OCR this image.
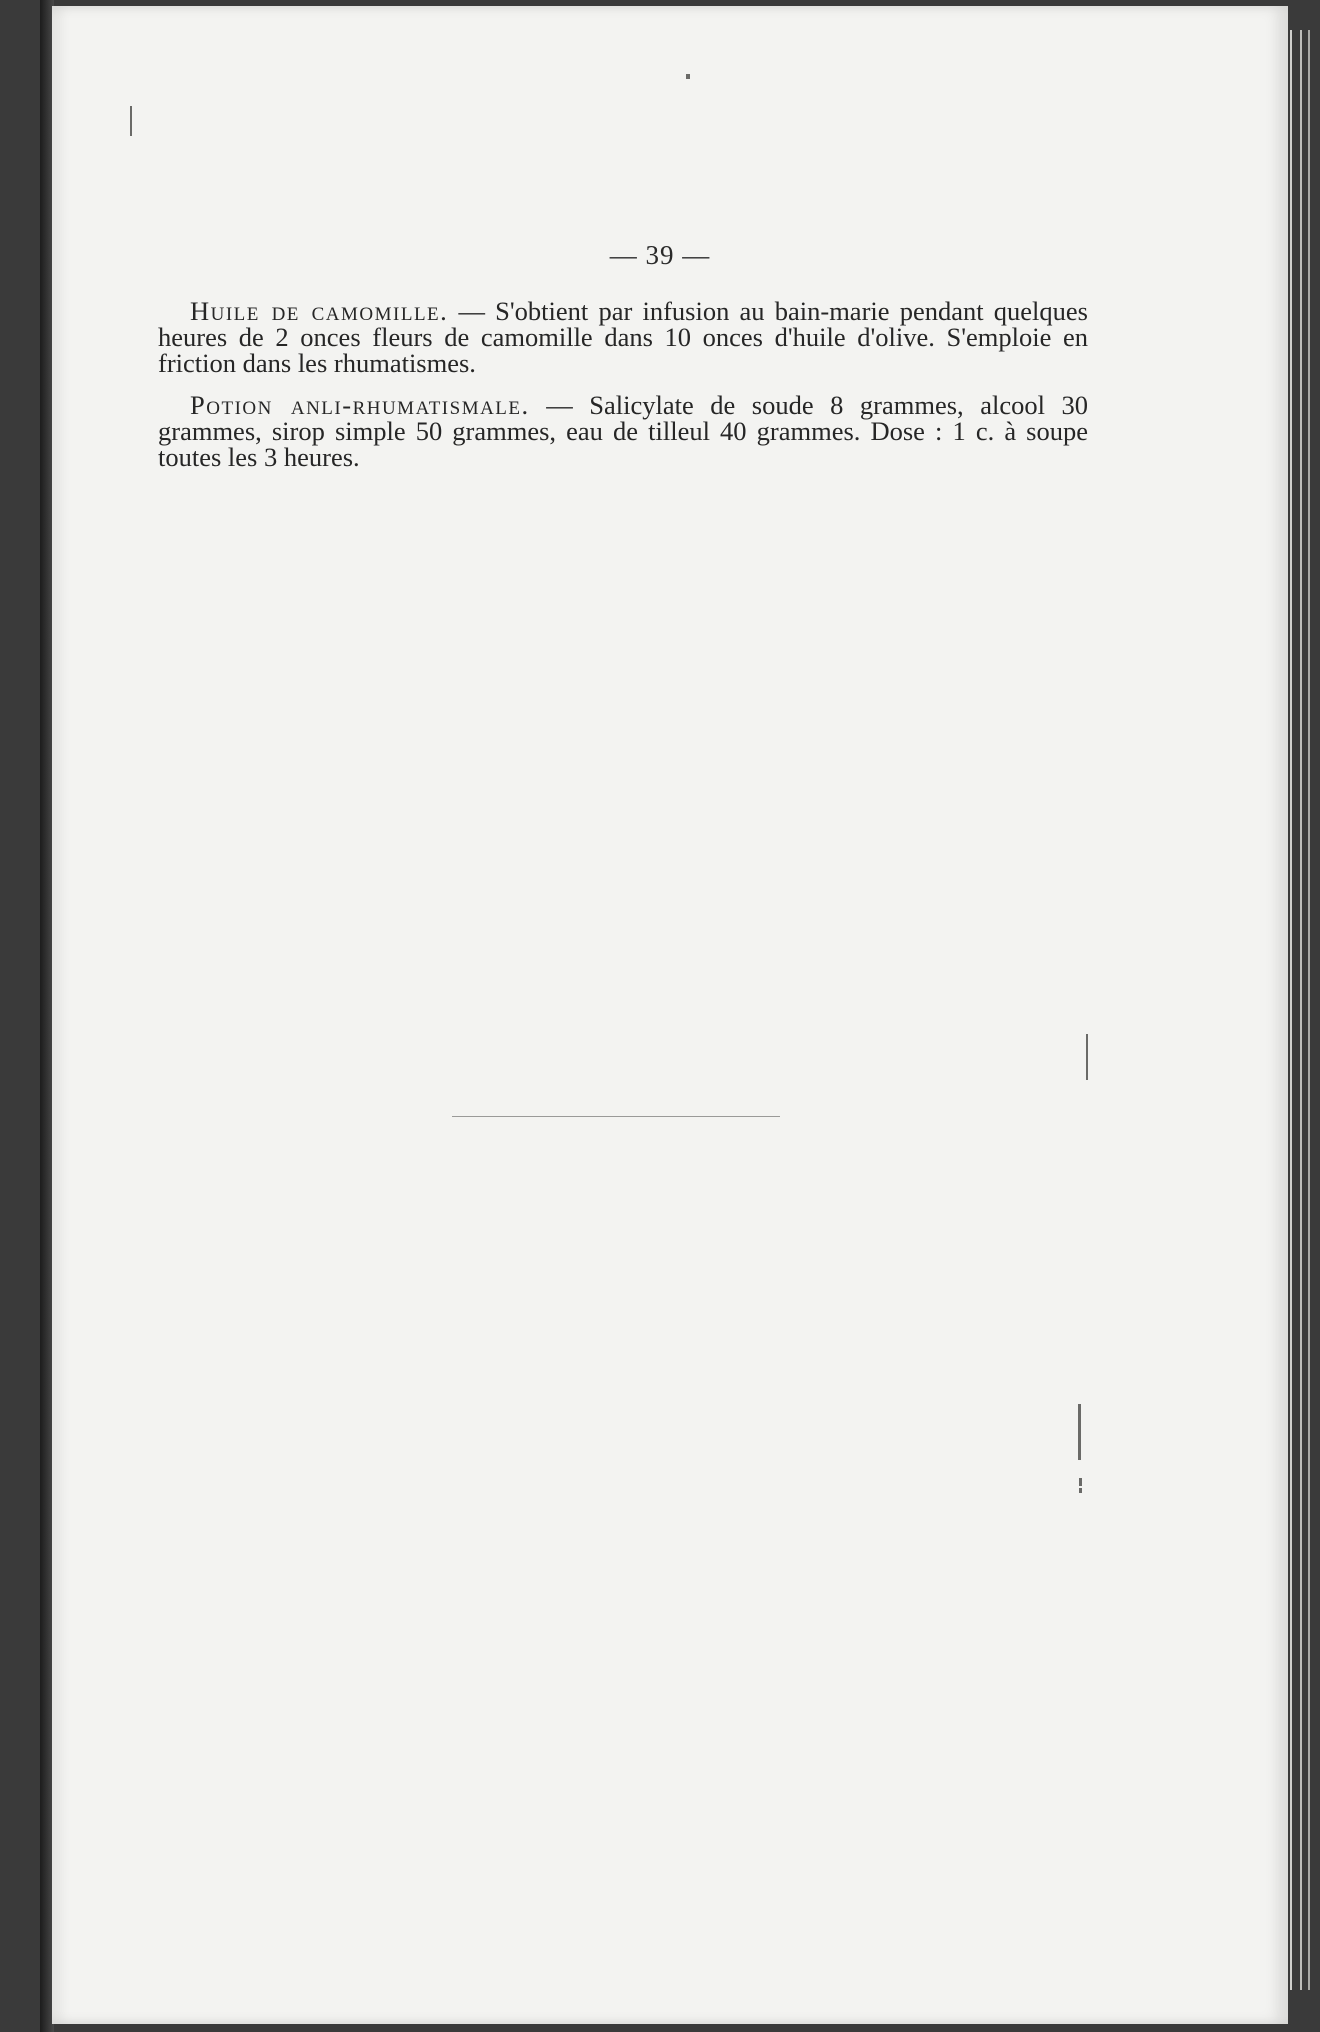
— 39 —

Huile de camomille. — S'obtient par infusion au bain-marie pendant quelques heures de 2 onces fleurs de camomille dans 10 onces d'huile d'olive. S'emploie en friction dans les rhumatismes.

Potion anli-rhumatismale. — Salicylate de soude 8 grammes, alcool 30 grammes, sirop simple 50 grammes, eau de tilleul 40 grammes. Dose : 1 c. à soupe toutes les 3 heures.
